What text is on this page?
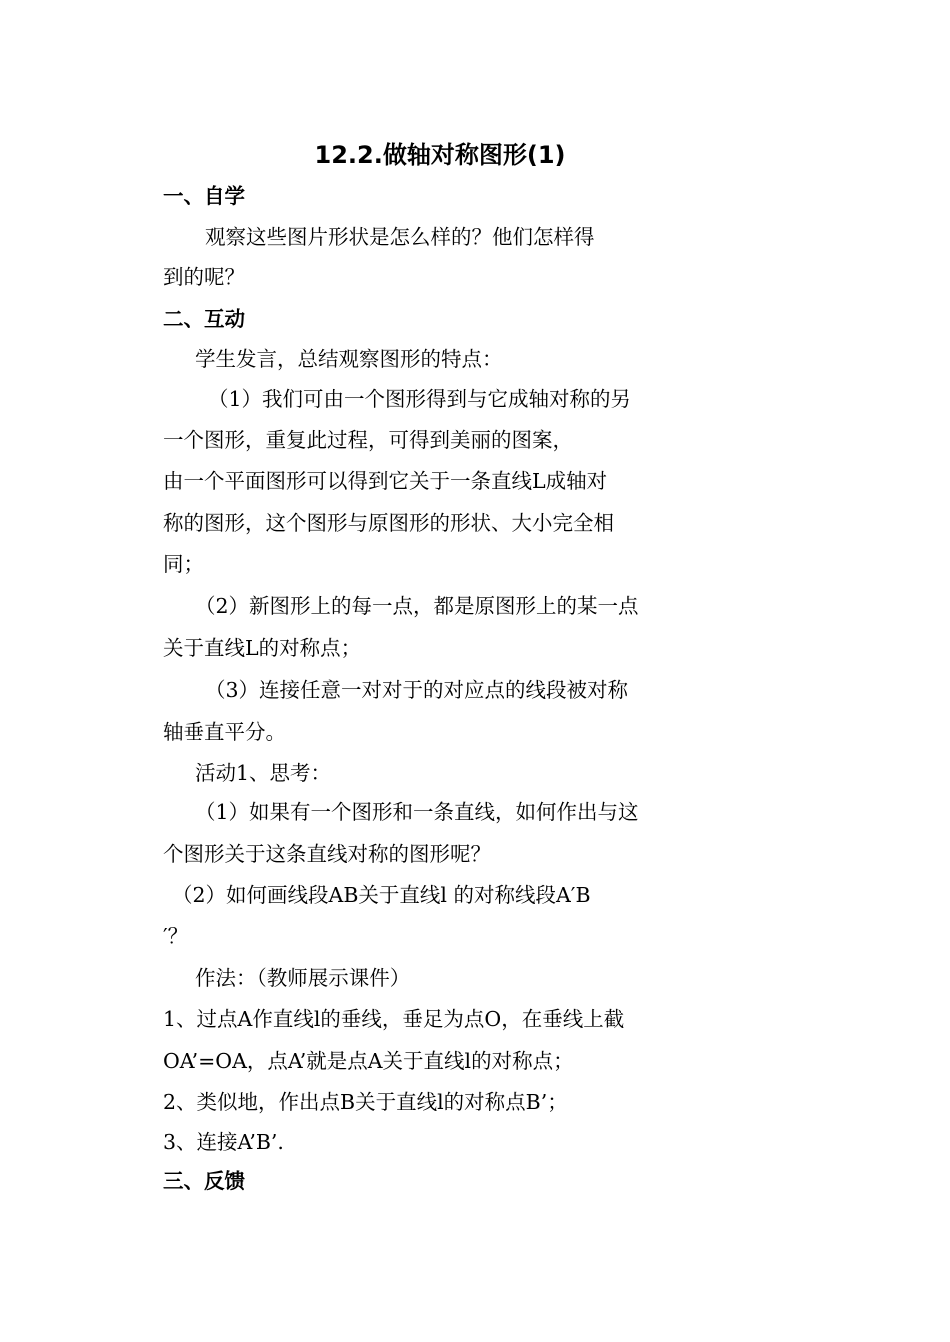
12.2.做轴对称图形(1)
一、自学
观察这些图片形状是怎么样的？他们怎样得
到的呢？
二、互动
学生发言，总结观察图形的特点：
（1）我们可由一个图形得到与它成轴对称的另
一个图形，重复此过程，可得到美丽的图案，
由一个平面图形可以得到它关于一条直线L成轴对
称的图形，这个图形与原图形的形状、大小完全相
同；
（2）新图形上的每一点，都是原图形上的某一点
关于直线L的对称点；
（3）连接任意一对对于的对应点的线段被对称
轴垂直平分。
活动1、思考：
（1）如果有一个图形和一条直线，如何作出与这
个图形关于这条直线对称的图形呢？
（2）如何画线段AB关于直线l 的对称线段A′B
′？
作法：（教师展示课件）
1、过点A作直线l的垂线，垂足为点O，在垂线上截
OA’=OA，点A’就是点A关于直线l的对称点；
2、类似地，作出点B关于直线l的对称点B’；
3、连接A’B’.
三、反馈
